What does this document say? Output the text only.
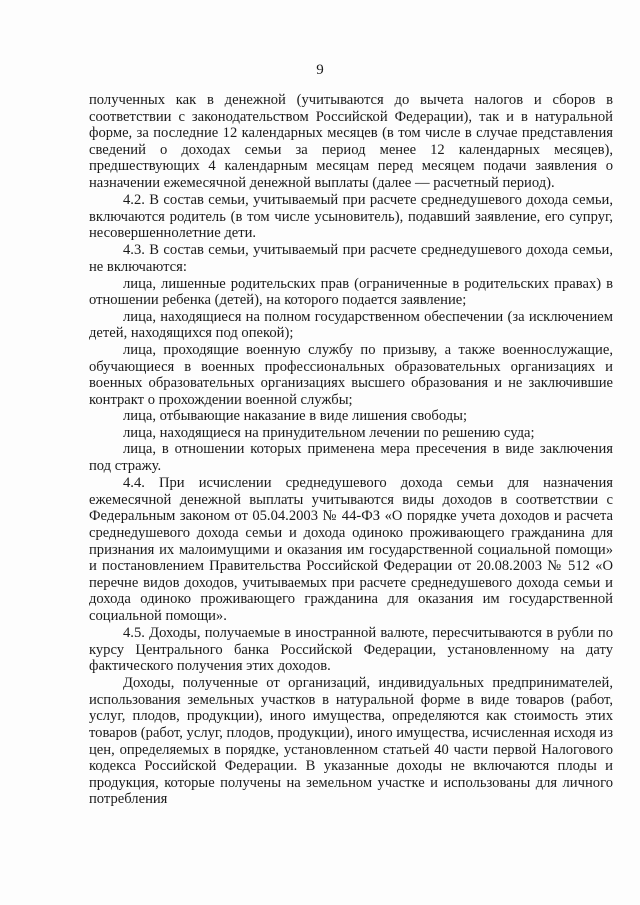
9

полученных как в денежной (учитываются до вычета налогов и сборов в соответствии с законодательством Российской Федерации), так и в натуральной форме, за последние 12 календарных месяцев (в том числе в случае представления сведений о доходах семьи за период менее 12 календарных месяцев), предшествующих 4 календарным месяцам перед месяцем подачи заявления о назначении ежемесячной денежной выплаты (далее — расчетный период).

4.2. В состав семьи, учитываемый при расчете среднедушевого дохода семьи, включаются родитель (в том числе усыновитель), подавший заявление, его супруг, несовершеннолетние дети.

4.3. В состав семьи, учитываемый при расчете среднедушевого дохода семьи, не включаются:

лица, лишенные родительских прав (ограниченные в родительских правах) в отношении ребенка (детей), на которого подается заявление;

лица, находящиеся на полном государственном обеспечении (за исключением детей, находящихся под опекой);

лица, проходящие военную службу по призыву, а также военнослужащие, обучающиеся в военных профессиональных образовательных организациях и военных образовательных организациях высшего образования и не заключившие контракт о прохождении военной службы;

лица, отбывающие наказание в виде лишения свободы;

лица, находящиеся на принудительном лечении по решению суда;

лица, в отношении которых применена мера пресечения в виде заключения под стражу.

4.4. При исчислении среднедушевого дохода семьи для назначения ежемесячной денежной выплаты учитываются виды доходов в соответствии с Федеральным законом от 05.04.2003 № 44-ФЗ «О порядке учета доходов и расчета среднедушевого дохода семьи и дохода одиноко проживающего гражданина для признания их малоимущими и оказания им государственной социальной помощи» и постановлением Правительства Российской Федерации от 20.08.2003 № 512 «О перечне видов доходов, учитываемых при расчете среднедушевого дохода семьи и дохода одиноко проживающего гражданина для оказания им государственной социальной помощи».

4.5. Доходы, получаемые в иностранной валюте, пересчитываются в рубли по курсу Центрального банка Российской Федерации, установленному на дату фактического получения этих доходов.

Доходы, полученные от организаций, индивидуальных предпринимателей, использования земельных участков в натуральной форме в виде товаров (работ, услуг, плодов, продукции), иного имущества, определяются как стоимость этих товаров (работ, услуг, плодов, продукции), иного имущества, исчисленная исходя из цен, определяемых в порядке, установленном статьей 40 части первой Налогового кодекса Российской Федерации. В указанные доходы не включаются плоды и продукция, которые получены на земельном участке и использованы для личного потребления
